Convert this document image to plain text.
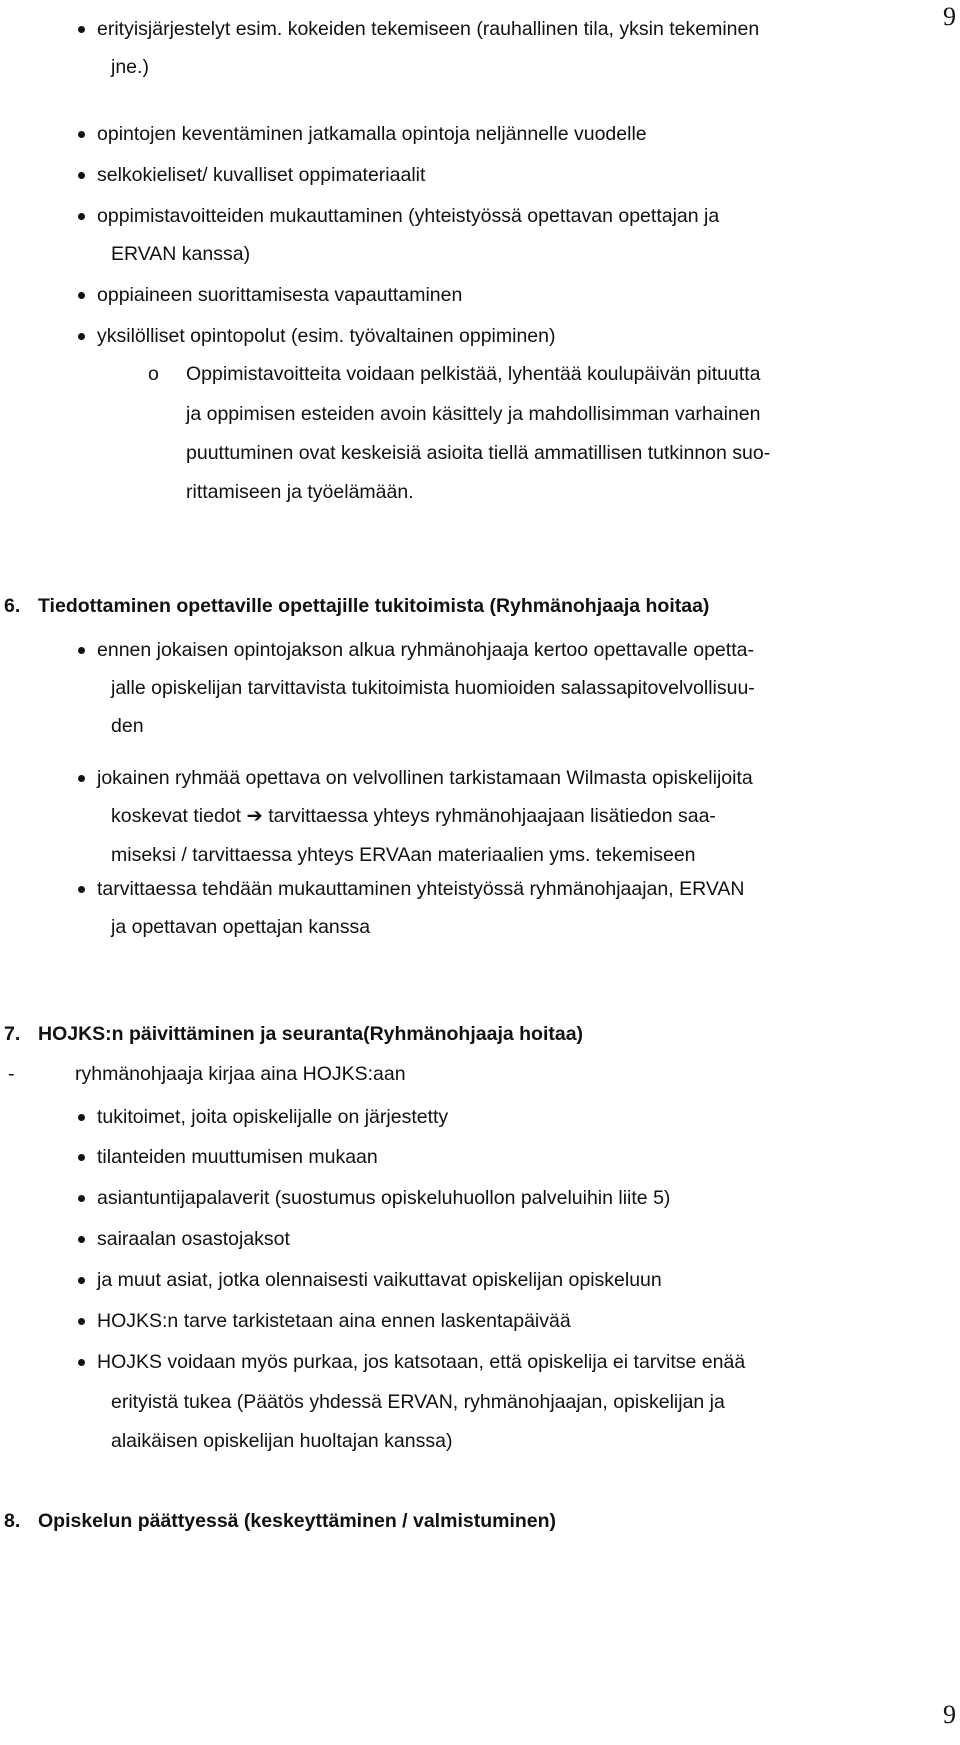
9
erityisjärjestelyt esim. kokeiden tekemiseen (rauhallinen tila, yksin tekeminen
jne.)
opintojen keventäminen jatkamalla opintoja neljännelle vuodelle
selkokieliset/ kuvalliset oppimateriaalit
oppimistavoitteiden mukauttaminen (yhteistyössä opettavan opettajan ja
ERVAN kanssa)
oppiaineen suorittamisesta vapauttaminen
yksilölliset opintopolut (esim. työvaltainen oppiminen)
o Oppimistavoitteita voidaan pelkistää, lyhentää koulupäivän pituutta
ja oppimisen esteiden avoin käsittely ja mahdollisimman varhainen
puuttuminen ovat keskeisiä asioita tiellä ammatillisen tutkinnon suo-
rittamiseen ja työelämään.
6. Tiedottaminen opettaville opettajille tukitoimista (Ryhmänohjaaja hoitaa)
ennen jokaisen opintojakson alkua ryhmänohjaaja kertoo opettavalle opetta-
jalle opiskelijan tarvittavista tukitoimista huomioiden salassapitovelvollisuu-
den
jokainen ryhmää opettava on velvollinen tarkistamaan Wilmasta opiskelijoita
koskevat tiedot ➔ tarvittaessa yhteys ryhmänohjaajaan lisätiedon saa-
miseksi / tarvittaessa yhteys ERVAan materiaalien yms. tekemiseen
tarvittaessa tehdään mukauttaminen yhteistyössä ryhmänohjaajan, ERVAN
ja opettavan opettajan kanssa
7. HOJKS:n päivittäminen ja seuranta(Ryhmänohjaaja hoitaa)
-	ryhmänohjaaja kirjaa aina HOJKS:aan
tukitoimet, joita opiskelijalle on järjestetty
tilanteiden muuttumisen mukaan
asiantuntijapalaverit (suostumus opiskeluhuollon palveluihin liite 5)
sairaalan osastojaksot
ja muut asiat, jotka olennaisesti vaikuttavat opiskelijan opiskeluun
HOJKS:n tarve tarkistetaan aina ennen laskentapäivää
HOJKS voidaan myös purkaa, jos katsotaan, että opiskelija ei tarvitse enää
erityistä tukea (Päätös yhdessä ERVAN, ryhmänohjaajan, opiskelijan ja
alaikäisen opiskelijan huoltajan kanssa)
8. Opiskelun päättyessä (keskeyttäminen / valmistuminen)
9
